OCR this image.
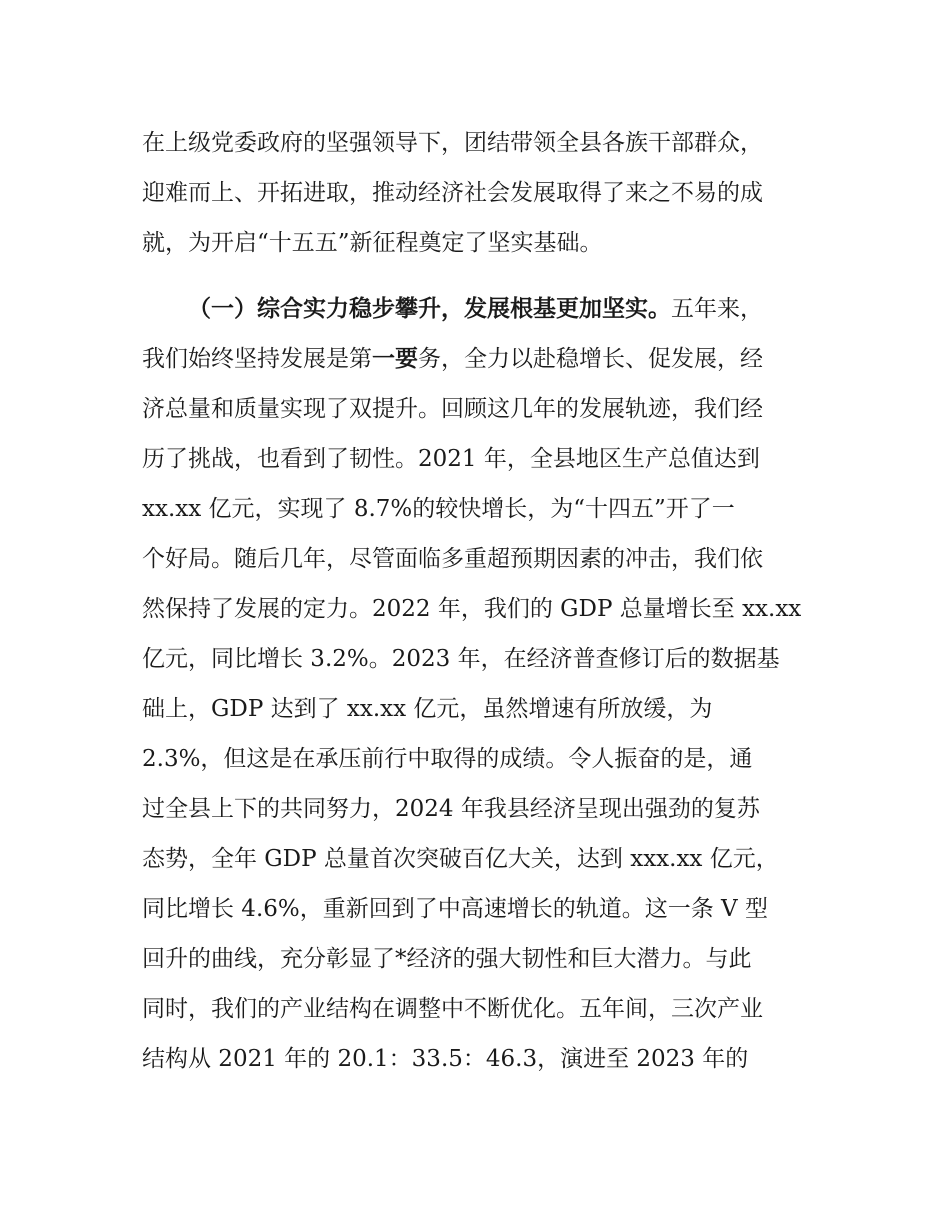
在上级党委政府的坚强领导下，团结带领全县各族干部群众，
迎难而上、开拓进取，推动经济社会发展取得了来之不易的成
就，为开启“十五五”新征程奠定了坚实基础。
（一）综合实力稳步攀升，发展根基更加坚实。五年来，
我们始终坚持发展是第一要务，全力以赴稳增长、促发展，经
济总量和质量实现了双提升。回顾这几年的发展轨迹，我们经
历了挑战，也看到了韧性。2021 年，全县地区生产总值达到
xx.xx 亿元，实现了 8.7%的较快增长，为“十四五”开了一
个好局。随后几年，尽管面临多重超预期因素的冲击，我们依
然保持了发展的定力。2022 年，我们的 GDP 总量增长至 xx.xx
亿元，同比增长 3.2%。2023 年，在经济普查修订后的数据基
础上，GDP 达到了 xx.xx 亿元，虽然增速有所放缓，为
2.3%，但这是在承压前行中取得的成绩。令人振奋的是，通
过全县上下的共同努力，2024 年我县经济呈现出强劲的复苏
态势，全年 GDP 总量首次突破百亿大关，达到 xxx.xx 亿元，
同比增长 4.6%，重新回到了中高速增长的轨道。这一条 V 型
回升的曲线，充分彰显了*经济的强大韧性和巨大潜力。与此
同时，我们的产业结构在调整中不断优化。五年间，三次产业
结构从 2021 年的 20.1：33.5：46.3，演进至 2023 年的
